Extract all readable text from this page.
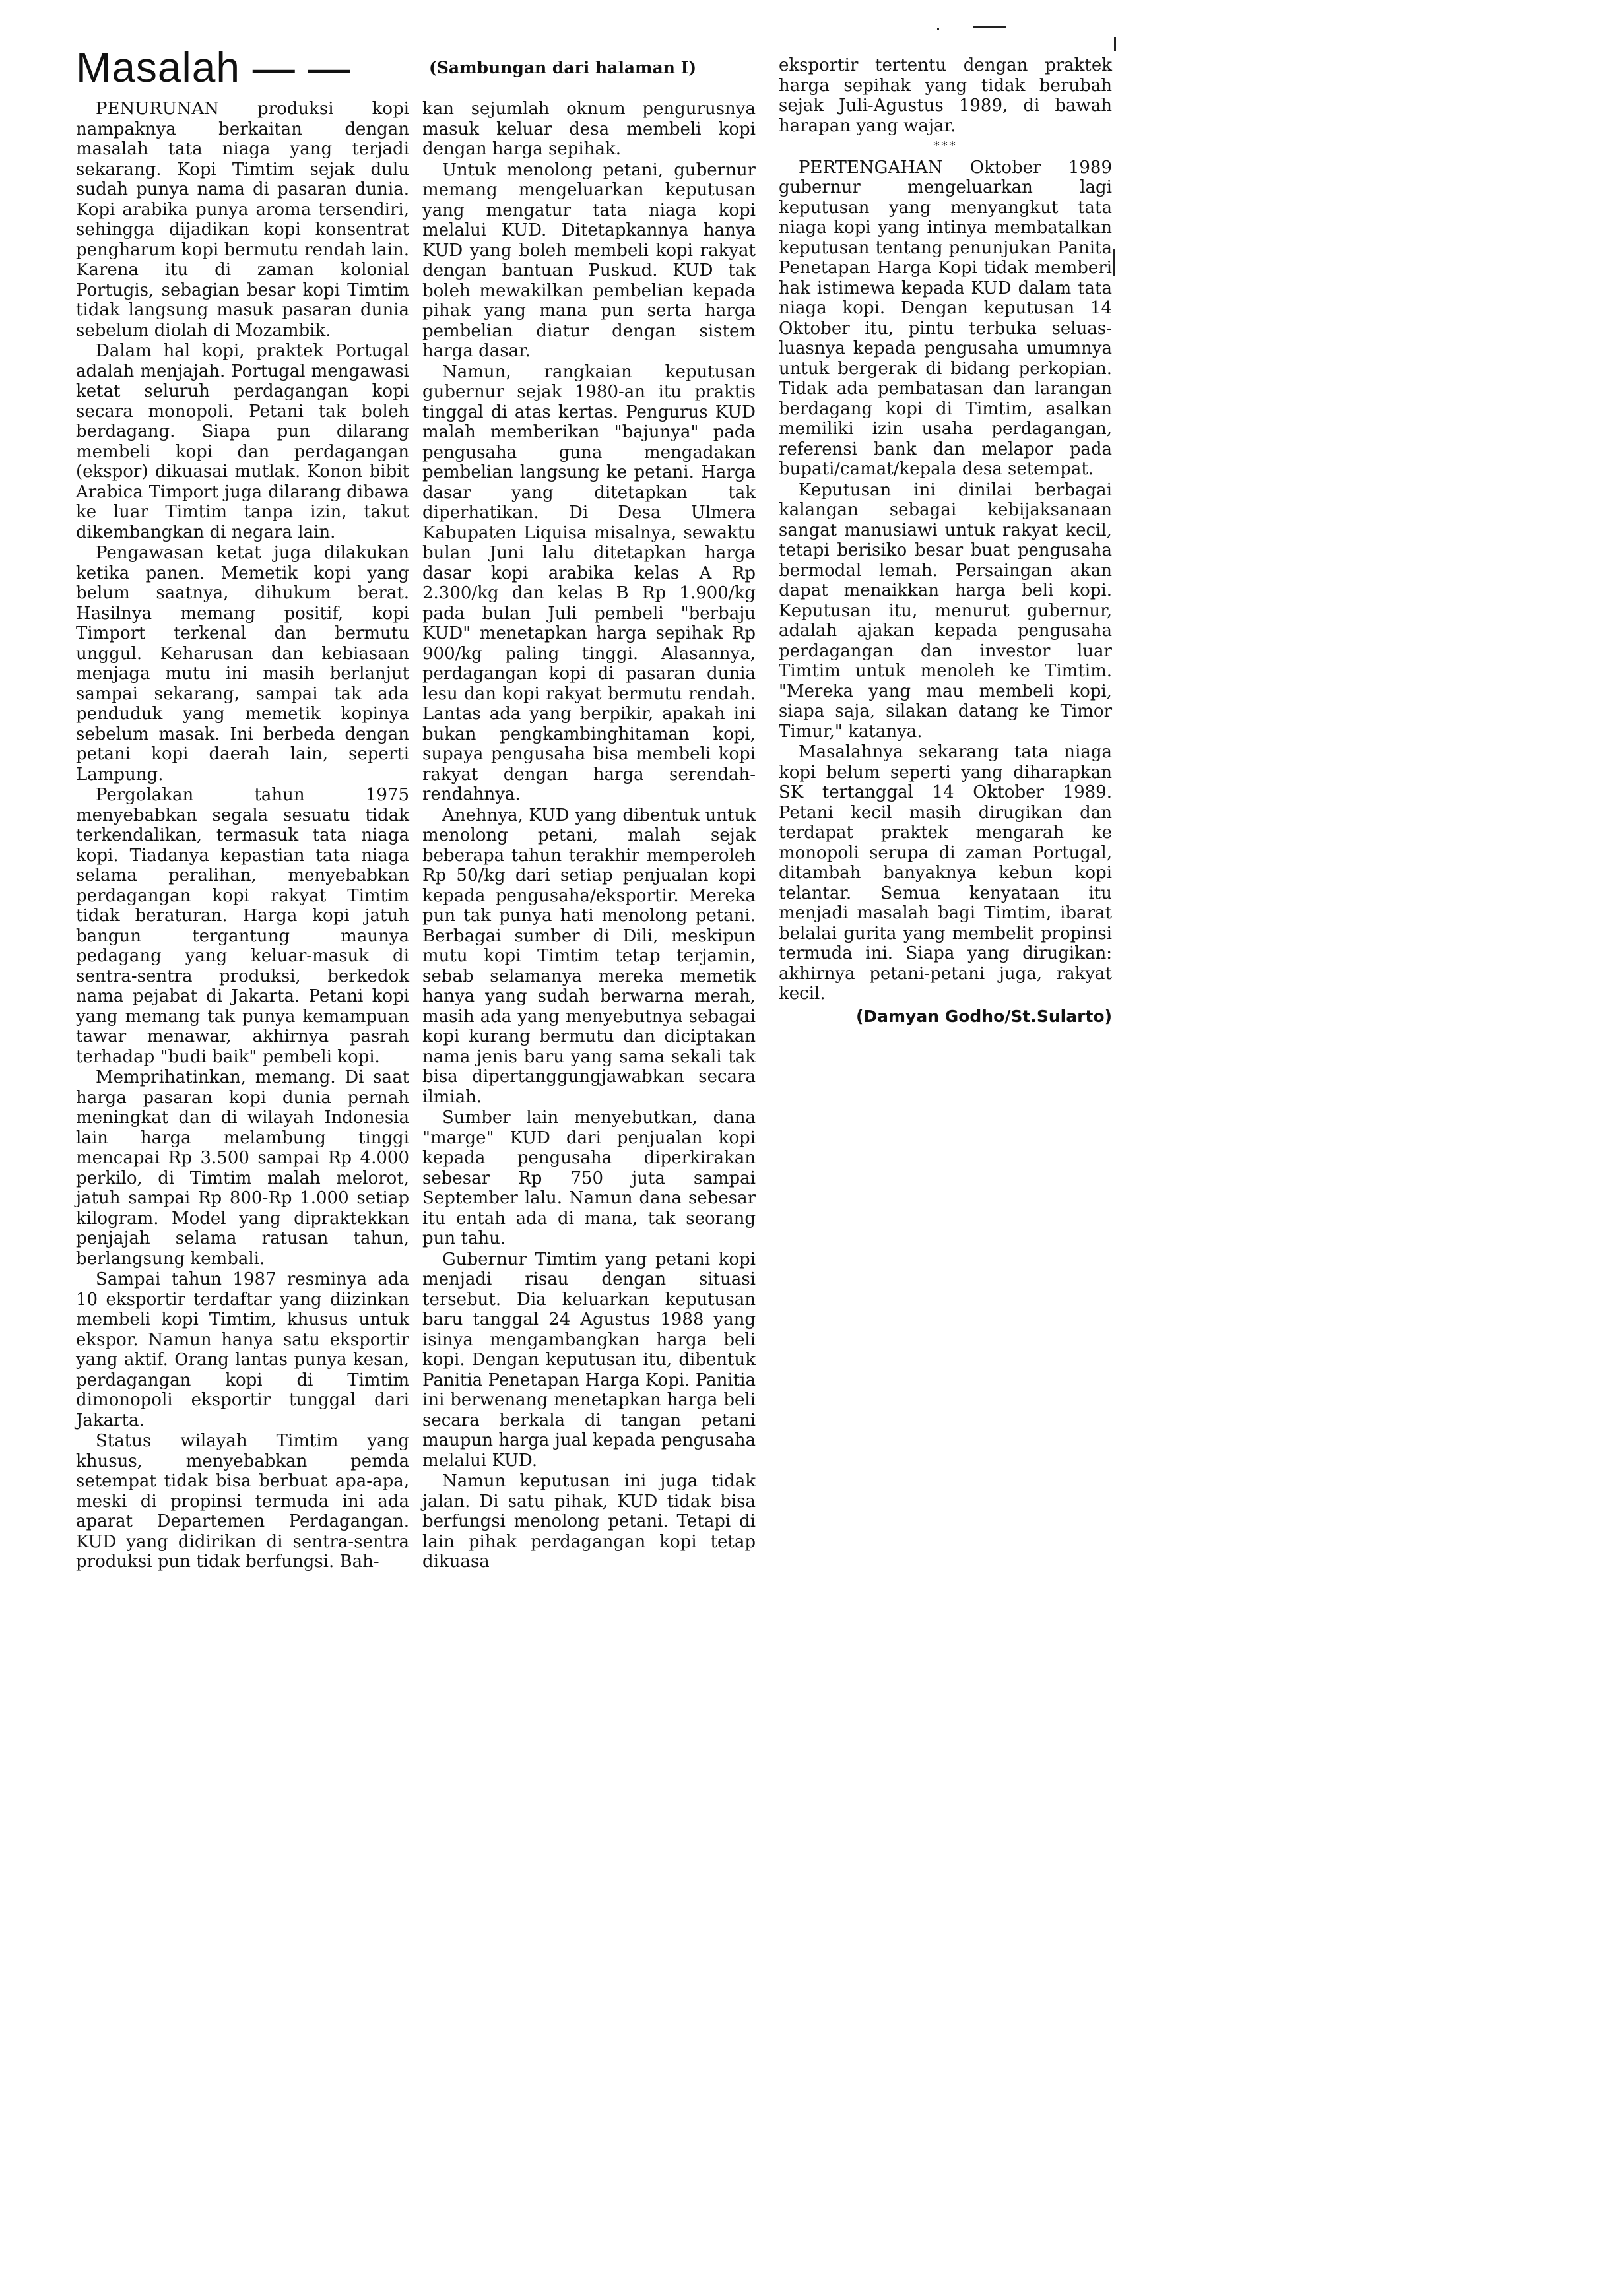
Masalah — —	(Sambungan dari halaman I)

PENURUNAN produksi kopi nampaknya berkaitan dengan masalah tata niaga yang terjadi sekarang. Kopi Timtim sejak dulu sudah punya nama di pasaran dunia. Kopi arabika punya aroma tersendiri, sehingga dijadikan kopi konsentrat pengharum kopi bermutu rendah lain. Karena itu di zaman kolonial Portugis, sebagian besar kopi Timtim tidak langsung masuk pasaran dunia sebelum diolah di Mozambik.

Dalam hal kopi, praktek Portugal adalah menjajah. Portugal mengawasi ketat seluruh perdagangan kopi secara monopoli. Petani tak boleh berdagang. Siapa pun dilarang membeli kopi dan perdagangan (ekspor) dikuasai mutlak. Konon bibit Arabica Timport juga dilarang dibawa ke luar Timtim tanpa izin, takut dikembangkan di negara lain.

Pengawasan ketat juga dilakukan ketika panen. Memetik kopi yang belum saatnya, dihukum berat. Hasilnya memang positif, kopi Timport terkenal dan bermutu unggul. Keharusan dan kebiasaan menjaga mutu ini masih berlanjut sampai sekarang, sampai tak ada penduduk yang memetik kopinya sebelum masak. Ini berbeda dengan petani kopi daerah lain, seperti Lampung.

Pergolakan tahun 1975 menyebabkan segala sesuatu tidak terkendalikan, termasuk tata niaga kopi. Tiadanya kepastian tata niaga selama peralihan, menyebabkan perdagangan kopi rakyat Timtim tidak beraturan. Harga kopi jatuh bangun tergantung maunya pedagang yang keluar-masuk di sentra-sentra produksi, berkedok nama pejabat di Jakarta. Petani kopi yang memang tak punya kemampuan tawar menawar, akhirnya pasrah terhadap "budi baik" pembeli kopi.

Memprihatinkan, memang. Di saat harga pasaran kopi dunia pernah meningkat dan di wilayah Indonesia lain harga melambung tinggi mencapai Rp 3.500 sampai Rp 4.000 perkilo, di Timtim malah melorot, jatuh sampai Rp 800-Rp 1.000 setiap kilogram. Model yang dipraktekkan penjajah selama ratusan tahun, berlangsung kembali.

Sampai tahun 1987 resminya ada 10 eksportir terdaftar yang diizinkan membeli kopi Timtim, khusus untuk ekspor. Namun hanya satu eksportir yang aktif. Orang lantas punya kesan, perdagangan kopi di Timtim dimonopoli eksportir tunggal dari Jakarta.

Status wilayah Timtim yang khusus, menyebabkan pemda setempat tidak bisa berbuat apa-apa, meski di propinsi termuda ini ada aparat Departemen Perdagangan. KUD yang didirikan di sentra-sentra produksi pun tidak berfungsi. Bah-

kan sejumlah oknum pengurusnya masuk keluar desa membeli kopi dengan harga sepihak.

Untuk menolong petani, gubernur memang mengeluarkan keputusan yang mengatur tata niaga kopi melalui KUD. Ditetapkannya hanya KUD yang boleh membeli kopi rakyat dengan bantuan Puskud. KUD tak boleh mewakilkan pembelian kepada pihak yang mana pun serta harga pembelian diatur dengan sistem harga dasar.

Namun, rangkaian keputusan gubernur sejak 1980-an itu praktis tinggal di atas kertas. Pengurus KUD malah memberikan "bajunya" pada pengusaha guna mengadakan pembelian langsung ke petani. Harga dasar yang ditetapkan tak diperhatikan. Di Desa Ulmera Kabupaten Liquisa misalnya, sewaktu bulan Juni lalu ditetapkan harga dasar kopi arabika kelas A Rp 2.300/kg dan kelas B Rp 1.900/kg pada bulan Juli pembeli "berbaju KUD" menetapkan harga sepihak Rp 900/kg paling tinggi. Alasannya, perdagangan kopi di pasaran dunia lesu dan kopi rakyat bermutu rendah. Lantas ada yang berpikir, apakah ini bukan pengkambinghitaman kopi, supaya pengusaha bisa membeli kopi rakyat dengan harga serendah-rendahnya.

Anehnya, KUD yang dibentuk untuk menolong petani, malah sejak beberapa tahun terakhir memperoleh Rp 50/kg dari setiap penjualan kopi kepada pengusaha/eksportir. Mereka pun tak punya hati menolong petani. Berbagai sumber di Dili, meskipun mutu kopi Timtim tetap terjamin, sebab selamanya mereka memetik hanya yang sudah berwarna merah, masih ada yang menyebutnya sebagai kopi kurang bermutu dan diciptakan nama jenis baru yang sama sekali tak bisa dipertanggungjawabkan secara ilmiah.

Sumber lain menyebutkan, dana "marge" KUD dari penjualan kopi kepada pengusaha diperkirakan sebesar Rp 750 juta sampai September lalu. Namun dana sebesar itu entah ada di mana, tak seorang pun tahu.

Gubernur Timtim yang petani kopi menjadi risau dengan situasi tersebut. Dia keluarkan keputusan baru tanggal 24 Agustus 1988 yang isinya mengambangkan harga beli kopi. Dengan keputusan itu, dibentuk Panitia Penetapan Harga Kopi. Panitia ini berwenang menetapkan harga beli secara berkala di tangan petani maupun harga jual kepada pengusaha melalui KUD.

Namun keputusan ini juga tidak jalan. Di satu pihak, KUD tidak bisa berfungsi menolong petani. Tetapi di lain pihak perdagangan kopi tetap dikuasa

eksportir tertentu dengan praktek harga sepihak yang tidak berubah sejak Juli-Agustus 1989, di bawah harapan yang wajar.

***

PERTENGAHAN Oktober 1989 gubernur mengeluarkan lagi keputusan yang menyangkut tata niaga kopi yang intinya membatalkan keputusan tentang penunjukan Panita Penetapan Harga Kopi tidak memberi hak istimewa kepada KUD dalam tata niaga kopi. Dengan keputusan 14 Oktober itu, pintu terbuka seluas-luasnya kepada pengusaha umumnya untuk bergerak di bidang perkopian. Tidak ada pembatasan dan larangan berdagang kopi di Timtim, asalkan memiliki izin usaha perdagangan, referensi bank dan melapor pada bupati/camat/kepala desa setempat.

Keputusan ini dinilai berbagai kalangan sebagai kebijaksanaan sangat manusiawi untuk rakyat kecil, tetapi berisiko besar buat pengusaha bermodal lemah. Persaingan akan dapat menaikkan harga beli kopi. Keputusan itu, menurut gubernur, adalah ajakan kepada pengusaha perdagangan dan investor luar Timtim untuk menoleh ke Timtim. "Mereka yang mau membeli kopi, siapa saja, silakan datang ke Timor Timur," katanya.

Masalahnya sekarang tata niaga kopi belum seperti yang diharapkan SK tertanggal 14 Oktober 1989. Petani kecil masih dirugikan dan terdapat praktek mengarah ke monopoli serupa di zaman Portugal, ditambah banyaknya kebun kopi telantar. Semua kenyataan itu menjadi masalah bagi Timtim, ibarat belalai gurita yang membelit propinsi termuda ini. Siapa yang dirugikan: akhirnya petani-petani juga, rakyat kecil.

(Damyan Godho/St.Sularto)
